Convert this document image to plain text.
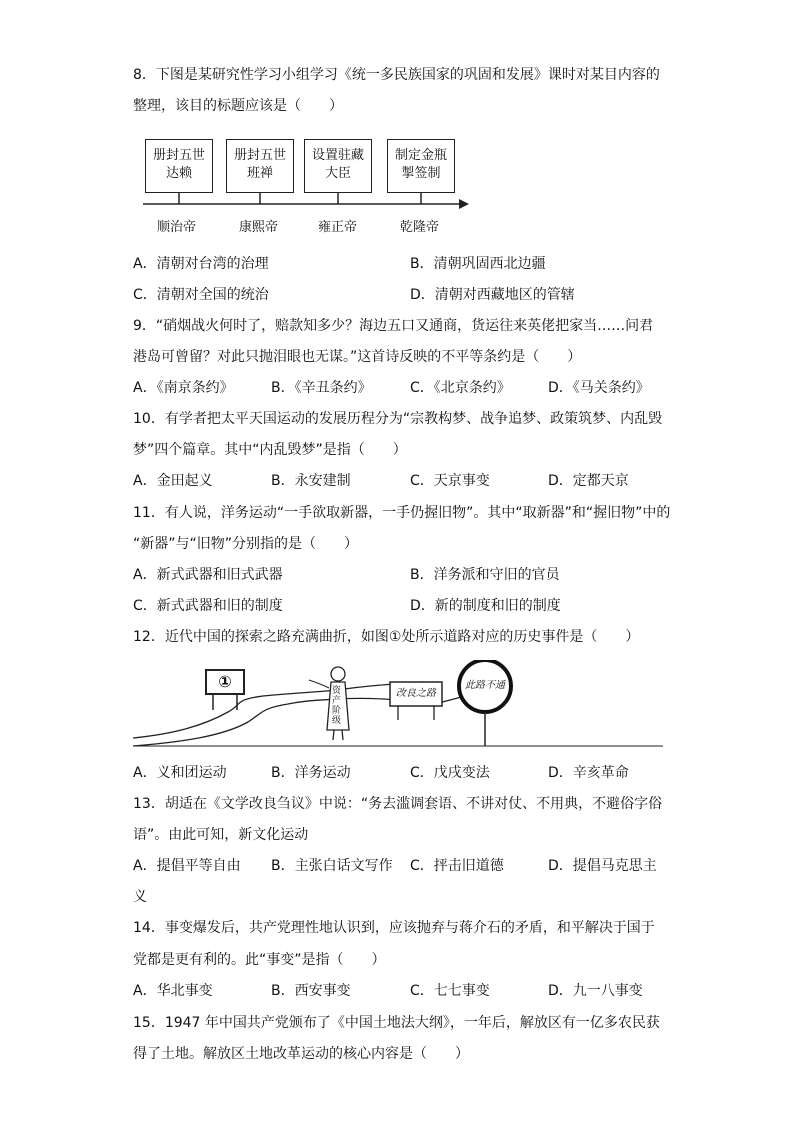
8．下图是某研究性学习小组学习《统一多民族国家的巩固和发展》课时对某目内容的
整理，该目的标题应该是（　　）
册封五世
达赖
册封五世
班禅
设置驻藏
大臣
制定金瓶
掣签制
顺治帝	康熙帝	雍正帝	乾隆帝
A．清朝对台湾的治理	B．清朝巩固西北边疆
C．清朝对全国的统治	D．清朝对西藏地区的管辖
9．“硝烟战火何时了，赔款知多少？海边五口又通商，货运往来英佬把家当……问君
港岛可曾留？对此只抛泪眼也无谋。”这首诗反映的不平等条约是（　　）
A．《南京条约》	B．《辛丑条约》	C．《北京条约》	D．《马关条约》
10．有学者把太平天国运动的发展历程分为“宗教构梦、战争追梦、政策筑梦、内乱毁
梦”四个篇章。其中“内乱毁梦”是指（　　）
A．金田起义	B．永安建制	C．天京事变	D．定都天京
11．有人说，洋务运动“一手欲取新器，一手仍握旧物”。其中“取新器”和“握旧物”中的
“新器”与“旧物”分别指的是（　　）
A．新式武器和旧式武器	B．洋务派和守旧的官员
C．新式武器和旧的制度	D．新的制度和旧的制度
12．近代中国的探索之路充满曲折，如图①处所示道路对应的历史事件是（　　）
①	资产阶级
改良之路
此路不通
A．义和团运动	B．洋务运动	C．戊戌变法	D．辛亥革命
13．胡适在《文学改良刍议》中说：“务去滥调套语、不讲对仗、不用典，不避俗字俗
语”。由此可知，新文化运动
A．提倡平等自由 B．主张白话文写作 C．抨击旧道德	D．提倡马克思主
义
14．事变爆发后，共产党理性地认识到，应该抛弃与蒋介石的矛盾，和平解决于国于
党都是更有利的。此“事变”是指（　　）
A．华北事变	B．西安事变	C．七七事变	D．九一八事变
15．1947 年中国共产党颁布了《中国土地法大纲》，一年后，解放区有一亿多农民获
得了土地。解放区土地改革运动的核心内容是（　　）
